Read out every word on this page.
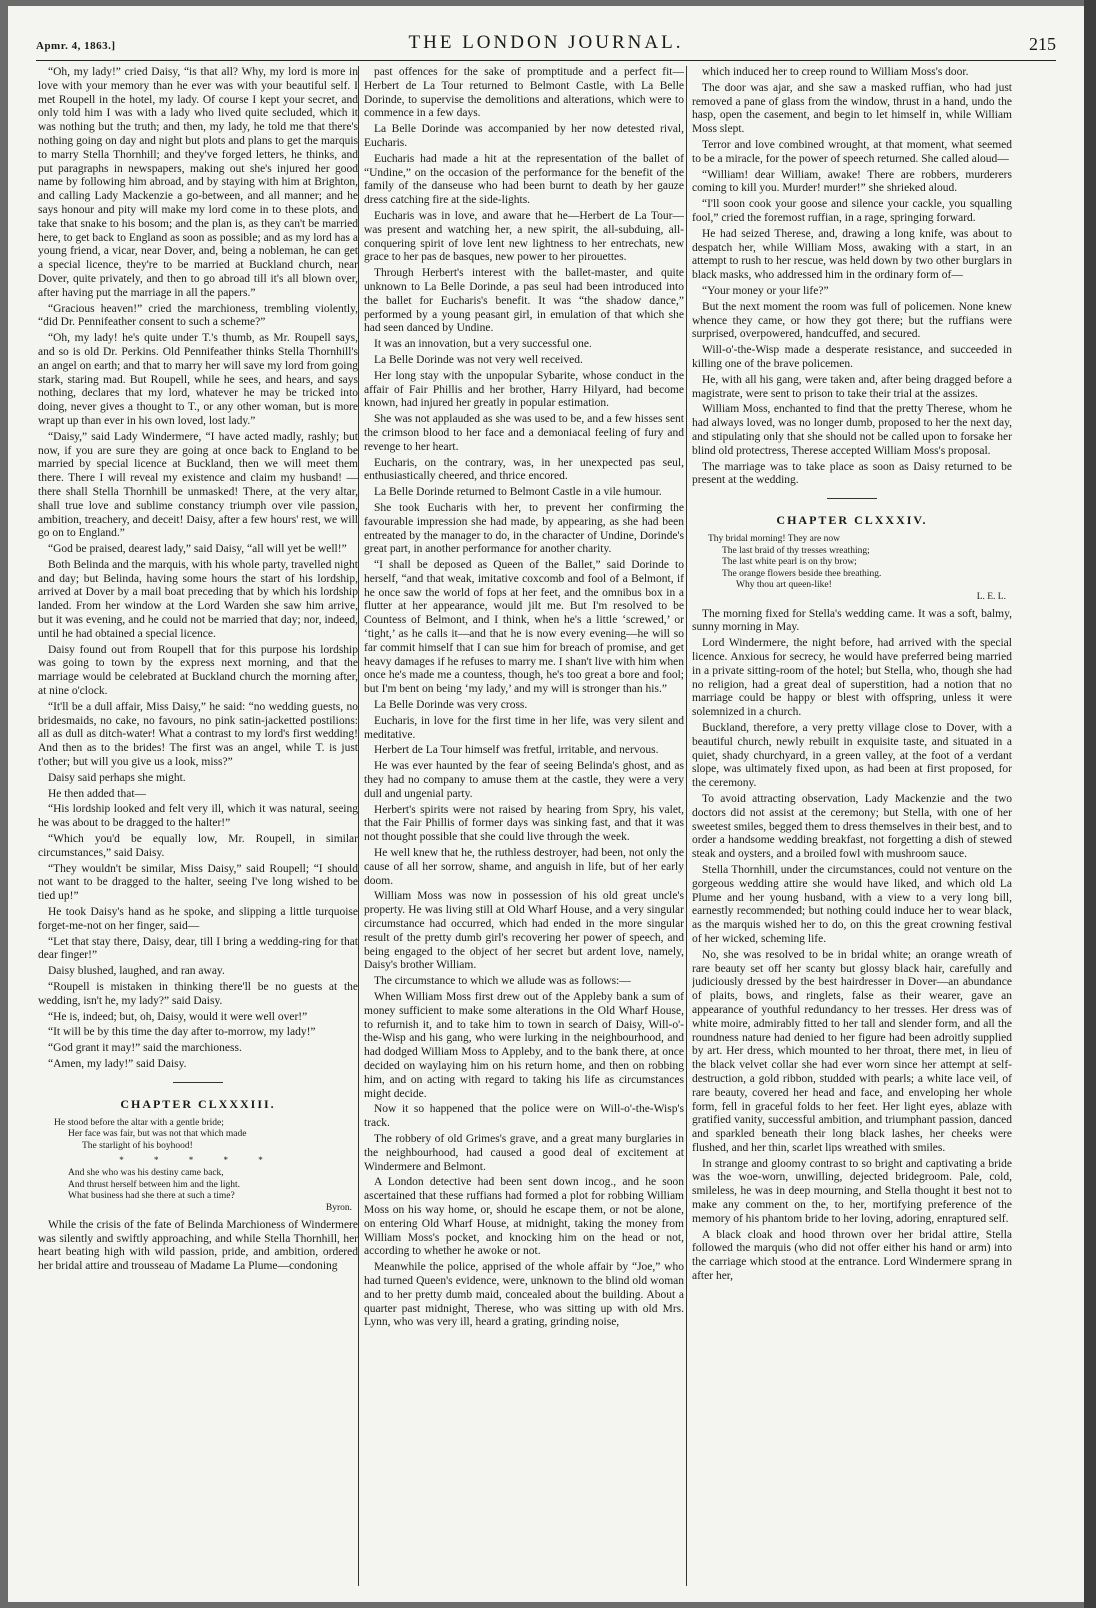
Apmr. 4, 1863.]	THE LONDON JOURNAL.	215

“Oh, my lady!” cried Daisy, “is that all? Why, my lord is more in love with your memory than he ever was with your beautiful self. I met Roupell in the hotel, my lady. Of course I kept your secret, and only told him I was with a lady who lived quite secluded, which it was nothing but the truth; and then, my lady, he told me that there's nothing going on day and night but plots and plans to get the marquis to marry Stella Thornhill; and they've forged letters, he thinks, and put paragraphs in newspapers, making out she's injured her good name by following him abroad, and by staying with him at Brighton, and calling Lady Mackenzie a go-between, and all manner; and he says honour and pity will make my lord come in to these plots, and take that snake to his bosom; and the plan is, as they can't be married here, to get back to England as soon as possible; and as my lord has a young friend, a vicar, near Dover, and, being a nobleman, he can get a special licence, they're to be married at Buckland church, near Dover, quite privately, and then to go abroad till it's all blown over, after having put the marriage in all the papers.”

“Gracious heaven!” cried the marchioness, trembling violently, “did Dr. Pennifeather consent to such a scheme?”

“Oh, my lady! he's quite under T.'s thumb, as Mr. Roupell says, and so is old Dr. Perkins. Old Pennifeather thinks Stella Thornhill's an angel on earth; and that to marry her will save my lord from going stark, staring mad. But Roupell, while he sees, and hears, and says nothing, declares that my lord, whatever he may be tricked into doing, never gives a thought to T., or any other woman, but is more wrapt up than ever in his own loved, lost lady.”

“Daisy,” said Lady Windermere, “I have acted madly, rashly; but now, if you are sure they are going at once back to England to be married by special licence at Buckland, then we will meet them there. There I will reveal my existence and claim my husband! —there shall Stella Thornhill be unmasked! There, at the very altar, shall true love and sublime constancy triumph over vile passion, ambition, treachery, and deceit! Daisy, after a few hours' rest, we will go on to England.”

“God be praised, dearest lady,” said Daisy, “all will yet be well!”

Both Belinda and the marquis, with his whole party, travelled night and day; but Belinda, having some hours the start of his lordship, arrived at Dover by a mail boat preceding that by which his lordship landed. From her window at the Lord Warden she saw him arrive, but it was evening, and he could not be married that day; nor, indeed, until he had obtained a special licence.

Daisy found out from Roupell that for this purpose his lordship was going to town by the express next morning, and that the marriage would be celebrated at Buckland church the morning after, at nine o'clock.

“It'll be a dull affair, Miss Daisy,” he said: “no wedding guests, no bridesmaids, no cake, no favours, no pink satin-jacketted postilions: all as dull as ditch-water! What a contrast to my lord's first wedding! And then as to the brides! The first was an angel, while T. is just t'other; but will you give us a look, miss?”

Daisy said perhaps she might.

He then added that—

“His lordship looked and felt very ill, which it was natural, seeing he was about to be dragged to the halter!”

“Which you'd be equally low, Mr. Roupell, in similar circumstances,” said Daisy.

“They wouldn't be similar, Miss Daisy,” said Roupell; “I should not want to be dragged to the halter, seeing I've long wished to be tied up!”

He took Daisy's hand as he spoke, and slipping a little turquoise forget-me-not on her finger, said—

“Let that stay there, Daisy, dear, till I bring a wedding-ring for that dear finger!”

Daisy blushed, laughed, and ran away.

“Roupell is mistaken in thinking there'll be no guests at the wedding, isn't he, my lady?” said Daisy.

“He is, indeed; but, oh, Daisy, would it were well over!”

“It will be by this time the day after to-morrow, my lady!”

“God grant it may!” said the marchioness.

“Amen, my lady!” said Daisy.

CHAPTER CLXXXIII.
He stood before the altar with a gentle bride;
Her face was fair, but was not that which made
The starlight of his boyhood!
* * * * *
And she who was his destiny came back,
And thrust herself between him and the light.
What business had she there at such a time?
Byron.

While the crisis of the fate of Belinda Marchioness of Windermere was silently and swiftly approaching, and while Stella Thornhill, her heart beating high with wild passion, pride, and ambition, ordered her bridal attire and trousseau of Madame La Plume—condoning

past offences for the sake of promptitude and a perfect fit—Herbert de La Tour returned to Belmont Castle, with La Belle Dorinde, to supervise the demolitions and alterations, which were to commence in a few days.

La Belle Dorinde was accompanied by her now detested rival, Eucharis.

Eucharis had made a hit at the representation of the ballet of “Undine,” on the occasion of the performance for the benefit of the family of the danseuse who had been burnt to death by her gauze dress catching fire at the side-lights.

Eucharis was in love, and aware that he—Herbert de La Tour—was present and watching her, a new spirit, the all-subduing, all-conquering spirit of love lent new lightness to her entrechats, new grace to her pas de basques, new power to her pirouettes.

Through Herbert's interest with the ballet-master, and quite unknown to La Belle Dorinde, a pas seul had been introduced into the ballet for Eucharis's benefit. It was “the shadow dance,” performed by a young peasant girl, in emulation of that which she had seen danced by Undine.

It was an innovation, but a very successful one.

La Belle Dorinde was not very well received.

Her long stay with the unpopular Sybarite, whose conduct in the affair of Fair Phillis and her brother, Harry Hilyard, had become known, had injured her greatly in popular estimation.

She was not applauded as she was used to be, and a few hisses sent the crimson blood to her face and a demoniacal feeling of fury and revenge to her heart.

Eucharis, on the contrary, was, in her unexpected pas seul, enthusiastically cheered, and thrice encored.

La Belle Dorinde returned to Belmont Castle in a vile humour.

She took Eucharis with her, to prevent her confirming the favourable impression she had made, by appearing, as she had been entreated by the manager to do, in the character of Undine, Dorinde's great part, in another performance for another charity.

“I shall be deposed as Queen of the Ballet,” said Dorinde to herself, “and that weak, imitative coxcomb and fool of a Belmont, if he once saw the world of fops at her feet, and the omnibus box in a flutter at her appearance, would jilt me. But I'm resolved to be Countess of Belmont, and I think, when he's a little ‘screwed,’ or ‘tight,’ as he calls it—and that he is now every evening—he will so far commit himself that I can sue him for breach of promise, and get heavy damages if he refuses to marry me. I shan't live with him when once he's made me a countess, though, he's too great a bore and fool; but I'm bent on being ‘my lady,’ and my will is stronger than his.”

La Belle Dorinde was very cross.

Eucharis, in love for the first time in her life, was very silent and meditative.

Herbert de La Tour himself was fretful, irritable, and nervous.

He was ever haunted by the fear of seeing Belinda's ghost, and as they had no company to amuse them at the castle, they were a very dull and ungenial party.

Herbert's spirits were not raised by hearing from Spry, his valet, that the Fair Phillis of former days was sinking fast, and that it was not thought possible that she could live through the week.

He well knew that he, the ruthless destroyer, had been, not only the cause of all her sorrow, shame, and anguish in life, but of her early doom.

William Moss was now in possession of his old great uncle's property. He was living still at Old Wharf House, and a very singular circumstance had occurred, which had ended in the more singular result of the pretty dumb girl's recovering her power of speech, and being engaged to the object of her secret but ardent love, namely, Daisy's brother William.

The circumstance to which we allude was as follows:—

When William Moss first drew out of the Appleby bank a sum of money sufficient to make some alterations in the Old Wharf House, to refurnish it, and to take him to town in search of Daisy, Will-o'-the-Wisp and his gang, who were lurking in the neighbourhood, and had dodged William Moss to Appleby, and to the bank there, at once decided on waylaying him on his return home, and then on robbing him, and on acting with regard to taking his life as circumstances might decide.

Now it so happened that the police were on Will-o'-the-Wisp's track.

The robbery of old Grimes's grave, and a great many burglaries in the neighbourhood, had caused a good deal of excitement at Windermere and Belmont.

A London detective had been sent down incog., and he soon ascertained that these ruffians had formed a plot for robbing William Moss on his way home, or, should he escape them, or not be alone, on entering Old Wharf House, at midnight, taking the money from William Moss's pocket, and knocking him on the head or not, according to whether he awoke or not.

Meanwhile the police, apprised of the whole affair by “Joe,” who had turned Queen's evidence, were, unknown to the blind old woman and to her pretty dumb maid, concealed about the building. About a quarter past midnight, Therese, who was sitting up with old Mrs. Lynn, who was very ill, heard a grating, grinding noise,

which induced her to creep round to William Moss's door.

The door was ajar, and she saw a masked ruffian, who had just removed a pane of glass from the window, thrust in a hand, undo the hasp, open the casement, and begin to let himself in, while William Moss slept.

Terror and love combined wrought, at that moment, what seemed to be a miracle, for the power of speech returned. She called aloud—

“William! dear William, awake! There are robbers, murderers coming to kill you. Murder! murder!” she shrieked aloud.

“I'll soon cook your goose and silence your cackle, you squalling fool,” cried the foremost ruffian, in a rage, springing forward.

He had seized Therese, and, drawing a long knife, was about to despatch her, while William Moss, awaking with a start, in an attempt to rush to her rescue, was held down by two other burglars in black masks, who addressed him in the ordinary form of—

“Your money or your life?”

But the next moment the room was full of policemen. None knew whence they came, or how they got there; but the ruffians were surprised, overpowered, handcuffed, and secured.

Will-o'-the-Wisp made a desperate resistance, and succeeded in killing one of the brave policemen.

He, with all his gang, were taken and, after being dragged before a magistrate, were sent to prison to take their trial at the assizes.

William Moss, enchanted to find that the pretty Therese, whom he had always loved, was no longer dumb, proposed to her the next day, and stipulating only that she should not be called upon to forsake her blind old protectress, Therese accepted William Moss's proposal.

The marriage was to take place as soon as Daisy returned to be present at the wedding.

CHAPTER CLXXXIV.
Thy bridal morning! They are now
The last braid of thy tresses wreathing;
The last white pearl is on thy brow;
The orange flowers beside thee breathing.
Why thou art queen-like!
L. E. L.

The morning fixed for Stella's wedding came. It was a soft, balmy, sunny morning in May.

Lord Windermere, the night before, had arrived with the special licence. Anxious for secrecy, he would have preferred being married in a private sitting-room of the hotel; but Stella, who, though she had no religion, had a great deal of superstition, had a notion that no marriage could be happy or blest with offspring, unless it were solemnized in a church.

Buckland, therefore, a very pretty village close to Dover, with a beautiful church, newly rebuilt in exquisite taste, and situated in a quiet, shady churchyard, in a green valley, at the foot of a verdant slope, was ultimately fixed upon, as had been at first proposed, for the ceremony.

To avoid attracting observation, Lady Mackenzie and the two doctors did not assist at the ceremony; but Stella, with one of her sweetest smiles, begged them to dress themselves in their best, and to order a handsome wedding breakfast, not forgetting a dish of stewed steak and oysters, and a broiled fowl with mushroom sauce.

Stella Thornhill, under the circumstances, could not venture on the gorgeous wedding attire she would have liked, and which old La Plume and her young husband, with a view to a very long bill, earnestly recommended; but nothing could induce her to wear black, as the marquis wished her to do, on this the great crowning festival of her wicked, scheming life.

No, she was resolved to be in bridal white; an orange wreath of rare beauty set off her scanty but glossy black hair, carefully and judiciously dressed by the best hairdresser in Dover—an abundance of plaits, bows, and ringlets, false as their wearer, gave an appearance of youthful redundancy to her tresses. Her dress was of white moire, admirably fitted to her tall and slender form, and all the roundness nature had denied to her figure had been adroitly supplied by art. Her dress, which mounted to her throat, there met, in lieu of the black velvet collar she had ever worn since her attempt at self-destruction, a gold ribbon, studded with pearls; a white lace veil, of rare beauty, covered her head and face, and enveloping her whole form, fell in graceful folds to her feet. Her light eyes, ablaze with gratified vanity, successful ambition, and triumphant passion, danced and sparkled beneath their long black lashes, her cheeks were flushed, and her thin, scarlet lips wreathed with smiles.

In strange and gloomy contrast to so bright and captivating a bride was the woe-worn, unwilling, dejected bridegroom. Pale, cold, smileless, he was in deep mourning, and Stella thought it best not to make any comment on the, to her, mortifying preference of the memory of his phantom bride to her loving, adoring, enraptured self.

A black cloak and hood thrown over her bridal attire, Stella followed the marquis (who did not offer either his hand or arm) into the carriage which stood at the entrance. Lord Windermere sprang in after her,
